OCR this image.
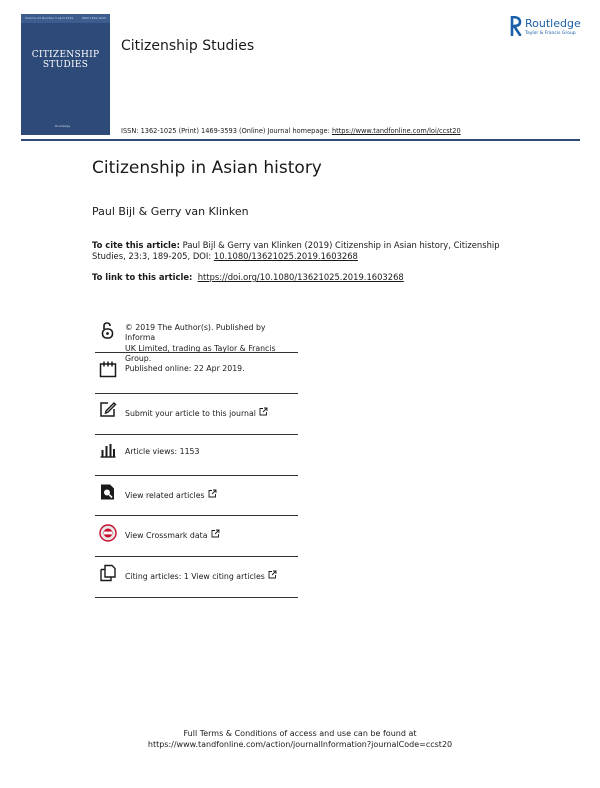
Volume 23 Number 3 April 2019	ISSN 1362-1025
CITIZENSHIP
STUDIES
Routledge
Citizenship Studies
Routledge
Taylor & Francis Group
ISSN: 1362-1025 (Print) 1469-3593 (Online) Journal homepage: https://www.tandfonline.com/loi/ccst20
Citizenship in Asian history
Paul Bijl & Gerry van Klinken
To cite this article: Paul Bijl & Gerry van Klinken (2019) Citizenship in Asian history, Citizenship Studies, 23:3, 189-205, DOI: 10.1080/13621025.2019.1603268
To link to this article: https://doi.org/10.1080/13621025.2019.1603268
© 2019 The Author(s). Published by Informa
UK Limited, trading as Taylor & Francis
Group.
Published online: 22 Apr 2019.
Submit your article to this journal
Article views: 1153
View related articles
View Crossmark data
Citing articles: 1 View citing articles
Full Terms & Conditions of access and use can be found at
https://www.tandfonline.com/action/journalInformation?journalCode=ccst20
